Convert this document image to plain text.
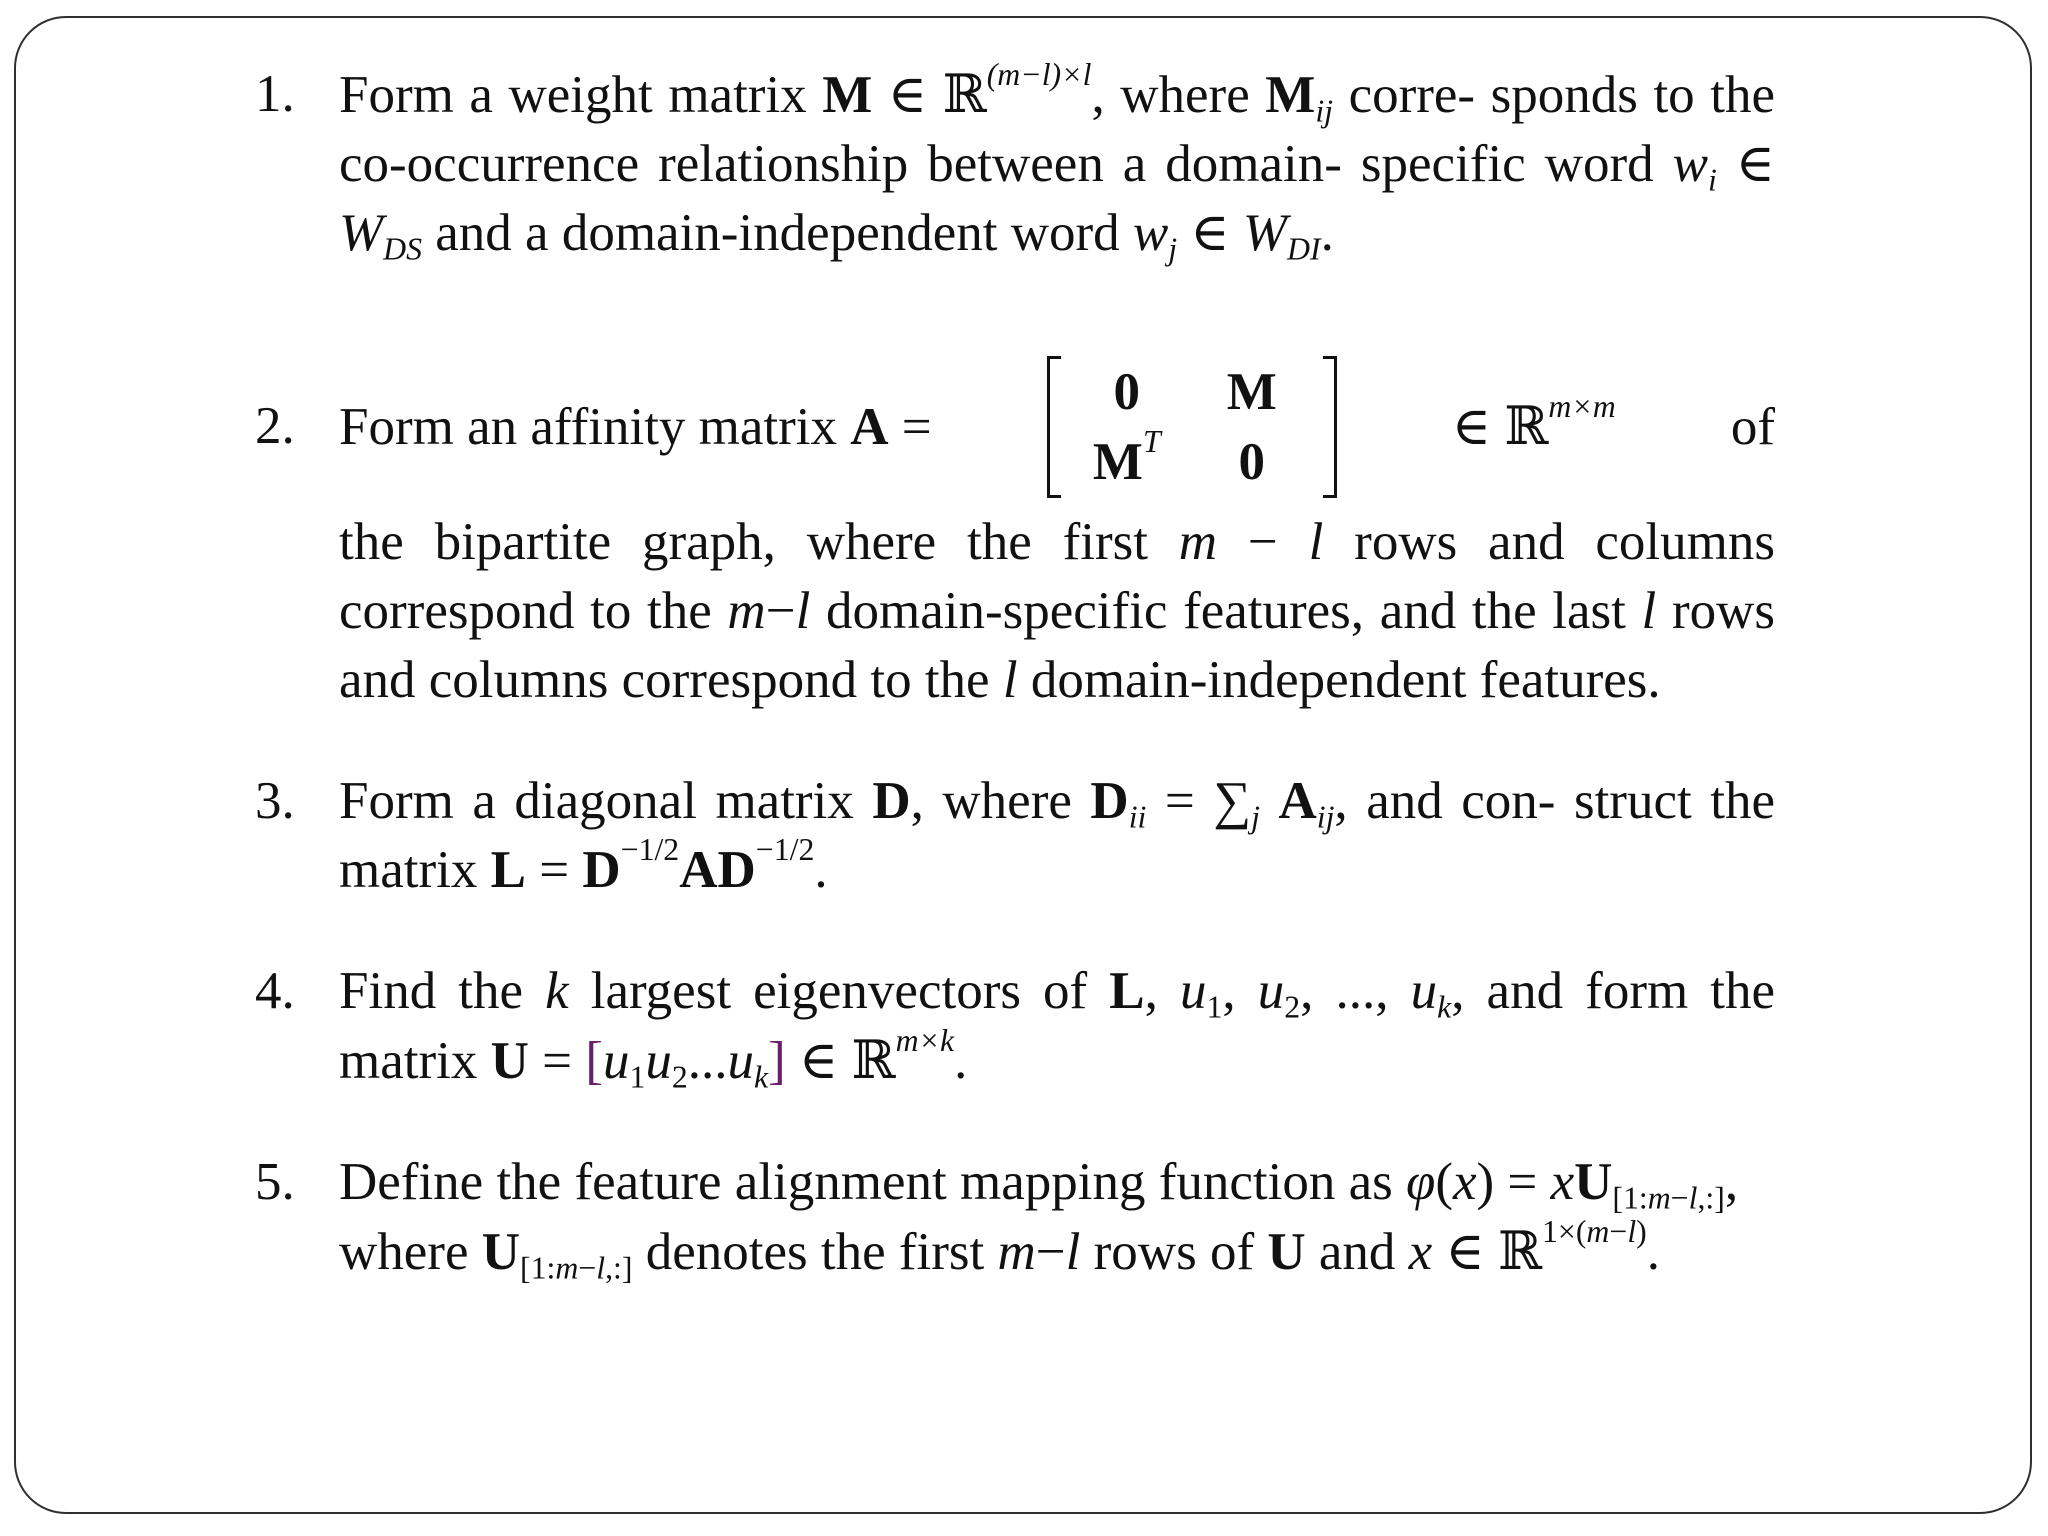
1. Form a weight matrix M ∈ ℝ$^{(m-l)\times l}$, where $M_{ij}$ corre- sponds to the co-occurrence relationship between a domain- specific word $w_i$ ∈ $W_{DS}$ and a domain-independent word $w_j$ ∈ $W_{DI}$.
2. Form an affinity matrix A =
0	M
$M^T$	0
∈ ℝ$^{m\times m}$ of
the bipartite graph, where the first m − l rows and columns correspond to the m−l domain-specific features, and the last l rows and columns correspond to the l domain-independent features.
3. Form a diagonal matrix D, where $D_{ii} = \sum_j$ $A_{ij}$, and con- struct the matrix $L = D^{-1/2}AD^{-1/2}$.
4. Find the k largest eigenvectors of L, $u_1$, $u_2$, ..., $u_k$, and form the matrix $U = [u_1u_2...u_k]$ ∈ ℝ$^{m\times k}$.
5. Define the feature alignment mapping function as $\varphi(x) = xU_{[1:m-l,:]}$, where $U_{[1:m-l,:]}$ denotes the first m−l rows of U and x ∈ ℝ$^{1\times(m-l)}$.
